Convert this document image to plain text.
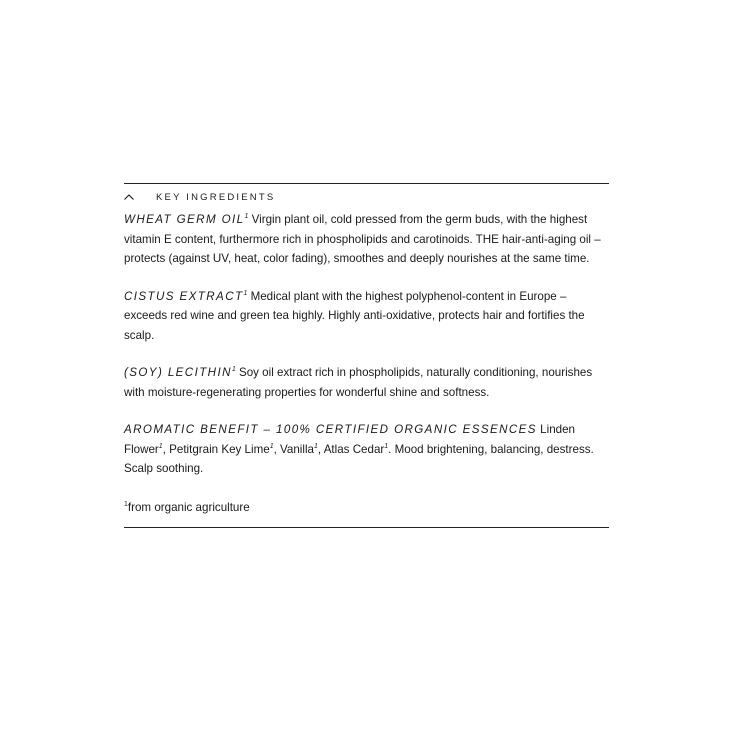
KEY INGREDIENTS

WHEAT GERM OIL$^1$ Virgin plant oil, cold pressed from the germ buds, with the highest vitamin E content, furthermore rich in phospholipids and carotinoids. THE hair-anti-aging oil – protects (against UV, heat, color fading), smoothes and deeply nourishes at the same time.

CISTUS EXTRACT$^1$ Medical plant with the highest polyphenol-content in Europe – exceeds red wine and green tea highly. Highly anti-oxidative, protects hair and fortifies the scalp.

(SOY) LECITHIN$^1$ Soy oil extract rich in phospholipids, naturally conditioning, nourishes with moisture-regenerating properties for wonderful shine and softness.

AROMATIC BENEFIT – 100% CERTIFIED ORGANIC ESSENCES Linden Flower$^1$, Petitgrain Key Lime$^1$, Vanilla$^1$, Atlas Cedar$^1$. Mood brightening, balancing, destress. Scalp soothing.

$^1$from organic agriculture
